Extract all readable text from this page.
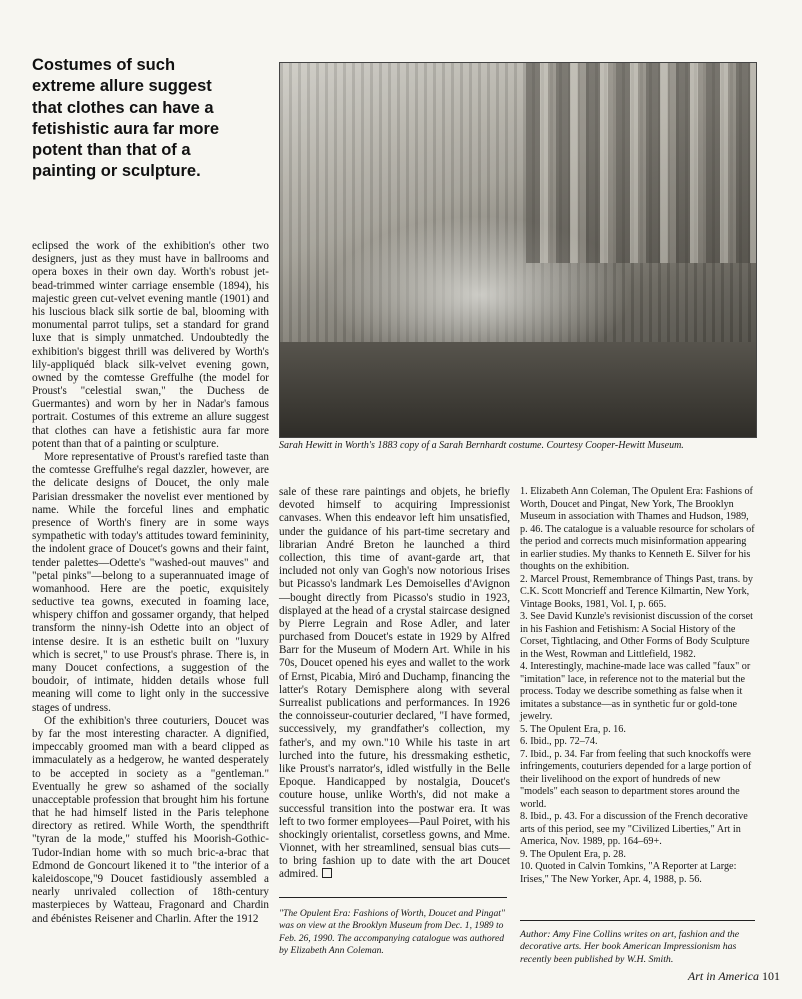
Costumes of such extreme allure suggest that clothes can have a fetishistic aura far more potent than that of a painting or sculpture.

Sarah Hewitt in Worth's 1883 copy of a Sarah Bernhardt costume. Courtesy Cooper-Hewitt Museum.

eclipsed the work of the exhibition's other two designers, just as they must have in ballrooms and opera boxes in their own day. Worth's robust jet-bead-trimmed winter carriage ensemble (1894), his majestic green cut-velvet evening mantle (1901) and his luscious black silk sortie de bal, blooming with monumental parrot tulips, set a standard for grand luxe that is simply unmatched. Undoubtedly the exhibition's biggest thrill was delivered by Worth's lily-appliquéd black silk-velvet evening gown, owned by the comtesse Greffulhe (the model for Proust's "celestial swan," the Duchess de Guermantes) and worn by her in Nadar's famous portrait. Costumes of this extreme an allure suggest that clothes can have a fetishistic aura far more potent than that of a painting or sculpture.

More representative of Proust's rarefied taste than the comtesse Greffulhe's regal dazzler, however, are the delicate designs of Doucet, the only male Parisian dressmaker the novelist ever mentioned by name. While the forceful lines and emphatic presence of Worth's finery are in some ways sympathetic with today's attitudes toward femininity, the indolent grace of Doucet's gowns and their faint, tender palettes—Odette's "washed-out mauves" and "petal pinks"—belong to a superannuated image of womanhood. Here are the poetic, exquisitely seductive tea gowns, executed in foaming lace, whispery chiffon and gossamer organdy, that helped transform the ninny-ish Odette into an object of intense desire. It is an esthetic built on "luxury which is secret," to use Proust's phrase. There is, in many Doucet confections, a suggestion of the boudoir, of intimate, hidden details whose full meaning will come to light only in the successive stages of undress.

Of the exhibition's three couturiers, Doucet was by far the most interesting character. A dignified, impeccably groomed man with a beard clipped as immaculately as a hedgerow, he wanted desperately to be accepted in society as a "gentleman." Eventually he grew so ashamed of the socially unacceptable profession that brought him his fortune that he had himself listed in the Paris telephone directory as retired. While Worth, the spendthrift "tyran de la mode," stuffed his Moorish-Gothic-Tudor-Indian home with so much bric-a-brac that Edmond de Goncourt likened it to "the interior of a kaleidoscope,"9 Doucet fastidiously assembled a nearly unrivaled collection of 18th-century masterpieces by Watteau, Fragonard and Chardin and ébénistes Reisener and Charlin. After the 1912

sale of these rare paintings and objets, he briefly devoted himself to acquiring Impressionist canvases. When this endeavor left him unsatisfied, under the guidance of his part-time secretary and librarian André Breton he launched a third collection, this time of avant-garde art, that included not only van Gogh's now notorious Irises but Picasso's landmark Les Demoiselles d'Avignon—bought directly from Picasso's studio in 1923, displayed at the head of a crystal staircase designed by Pierre Legrain and Rose Adler, and later purchased from Doucet's estate in 1929 by Alfred Barr for the Museum of Modern Art. While in his 70s, Doucet opened his eyes and wallet to the work of Ernst, Picabia, Miró and Duchamp, financing the latter's Rotary Demisphere along with several Surrealist publications and performances. In 1926 the connoisseur-couturier declared, "I have formed, successively, my grandfather's collection, my father's, and my own."10 While his taste in art lurched into the future, his dressmaking esthetic, like Proust's narrator's, idled wistfully in the Belle Epoque. Handicapped by nostalgia, Doucet's couture house, unlike Worth's, did not make a successful transition into the postwar era. It was left to two former employees—Paul Poiret, with his shockingly orientalist, corsetless gowns, and Mme. Vionnet, with her streamlined, sensual bias cuts—to bring fashion up to date with the art Doucet admired.

1. Elizabeth Ann Coleman, The Opulent Era: Fashions of Worth, Doucet and Pingat, New York, The Brooklyn Museum in association with Thames and Hudson, 1989, p. 46. The catalogue is a valuable resource for scholars of the period and corrects much misinformation appearing in earlier studies. My thanks to Kenneth E. Silver for his thoughts on the exhibition.

2. Marcel Proust, Remembrance of Things Past, trans. by C.K. Scott Moncrieff and Terence Kilmartin, New York, Vintage Books, 1981, Vol. I, p. 665.

3. See David Kunzle's revisionist discussion of the corset in his Fashion and Fetishism: A Social History of the Corset, Tightlacing, and Other Forms of Body Sculpture in the West, Rowman and Littlefield, 1982.

4. Interestingly, machine-made lace was called "faux" or "imitation" lace, in reference not to the material but the process. Today we describe something as false when it imitates a substance—as in synthetic fur or gold-tone jewelry.

5. The Opulent Era, p. 16.

6. Ibid., pp. 72–74.

7. Ibid., p. 34. Far from feeling that such knockoffs were infringements, couturiers depended for a large portion of their livelihood on the export of hundreds of new "models" each season to department stores around the world.

8. Ibid., p. 43. For a discussion of the French decorative arts of this period, see my "Civilized Liberties," Art in America, Nov. 1989, pp. 164–69+.

9. The Opulent Era, p. 28.

10. Quoted in Calvin Tomkins, "A Reporter at Large: Irises," The New Yorker, Apr. 4, 1988, p. 56.

"The Opulent Era: Fashions of Worth, Doucet and Pingat" was on view at the Brooklyn Museum from Dec. 1, 1989 to Feb. 26, 1990. The accompanying catalogue was authored by Elizabeth Ann Coleman.

Author: Amy Fine Collins writes on art, fashion and the decorative arts. Her book American Impressionism has recently been published by W.H. Smith.

Art in America 101
